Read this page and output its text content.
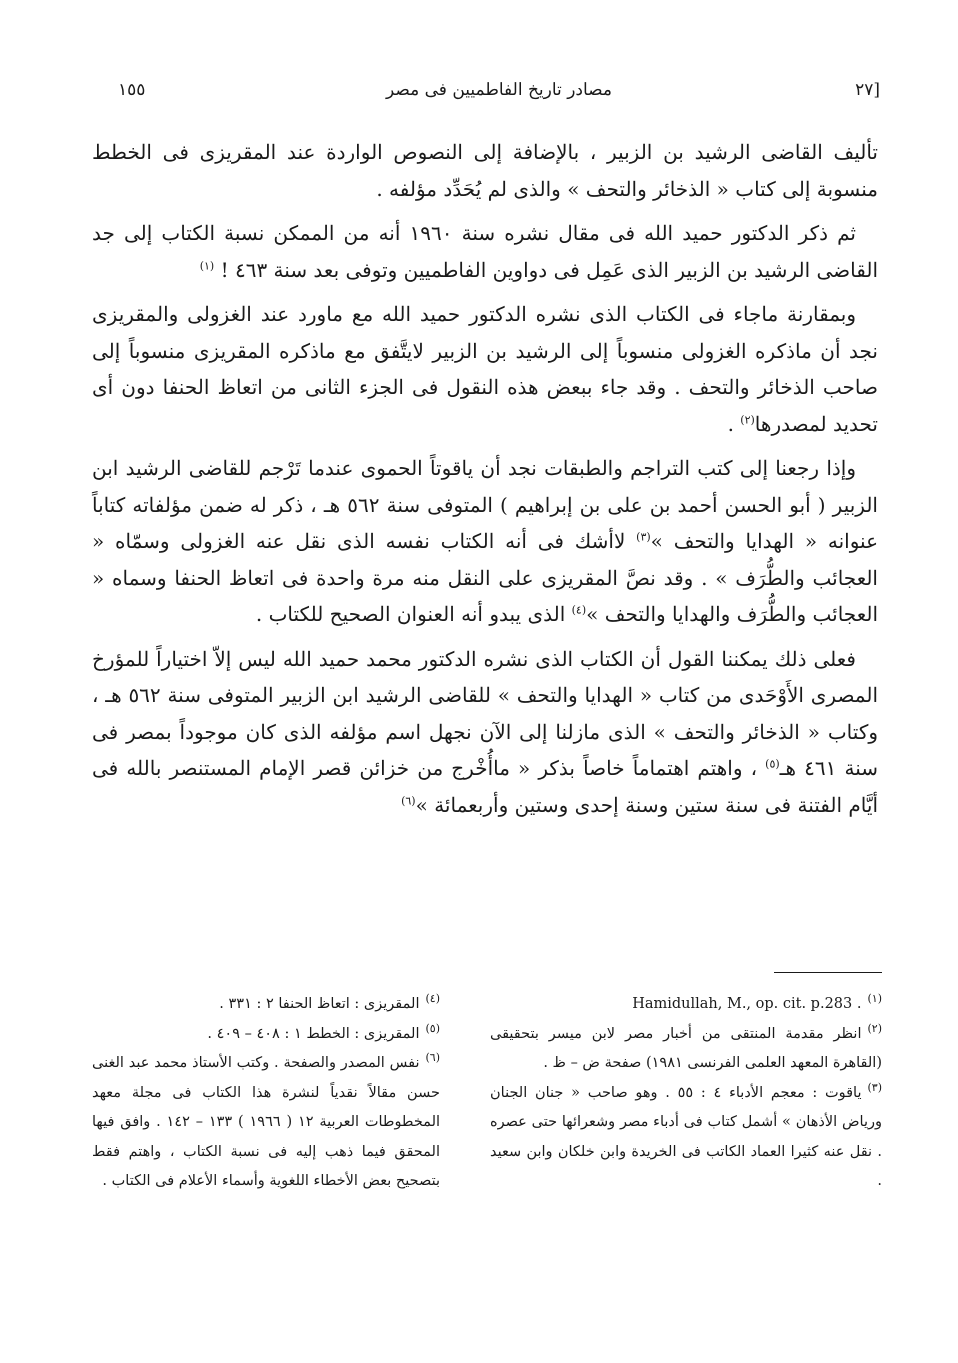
[٢٧
مصادر تاريخ الفاطميين فى مصر
١٥٥

تأليف القاضى الرشيد بن الزبير ، بالإضافة إلى النصوص الواردة عند المقريزى فى الخطط منسوبة إلى كتاب « الذخائر والتحف » والذى لم يُحَدِّد مؤلفه .

ثم ذكر الدكتور حميد الله فى مقال نشره سنة ١٩٦٠ أنه من الممكن نسبة الكتاب إلى جد القاضى الرشيد بن الزبير الذى عَمِل فى دواوين الفاطميين وتوفى بعد سنة ٤٦٣ ! $^{(١)}$

وبمقارنة ماجاء فى الكتاب الذى نشره الدكتور حميد الله مع ماورد عند الغزولى والمقريزى نجد أن ماذكره الغزولى منسوباً إلى الرشيد بن الزبير لايتَّفق مع ماذكره المقريزى منسوباً إلى صاحب الذخائر والتحف . وقد جاء ببعض هذه النقول فى الجزء الثانى من اتعاظ الحنفا دون أى تحديد لمصدرها$^{(٢)}$ .

وإذا رجعنا إلى كتب التراجم والطبقات نجد أن ياقوتاً الحموى عندما تَرْجم للقاضى الرشيد ابن الزبير ( أبو الحسن أحمد بن على بن إبراهيم ) المتوفى سنة ٥٦٢ هـ ، ذكر له ضمن مؤلفاته كتاباً عنوانه « الهدايا والتحف »$^{(٣)}$ لاأشك فى أنه الكتاب نفسه الذى نقل عنه الغزولى وسمّاه « العجائب والطُّرَف » . وقد نصَّ المقريزى على النقل منه مرة واحدة فى اتعاظ الحنفا وسماه « العجائب والطُّرَف والهدايا والتحف »$^{(٤)}$ الذى يبدو أنه العنوان الصحيح للكتاب .

فعلى ذلك يمكننا القول أن الكتاب الذى نشره الدكتور محمد حميد الله ليس إلاّ اختياراً للمؤرخ المصرى الأَوْحَدى من كتاب « الهدايا والتحف » للقاضى الرشيد ابن الزبير المتوفى سنة ٥٦٢ هـ ، وكتاب « الذخائر والتحف » الذى مازلنا إلى الآن نجهل اسم مؤلفه الذى كان موجوداً بمصر فى سنة ٤٦١ هـ$^{(٥)}$ ، واهتم اهتماماً خاصاً بذكر « ماأُخْرج من خزائن قصر الإمام المستنصر بالله فى أيَّام الفتنة فى سنة ستين وسنة إحدى وستين وأربعمائة »$^{(٦)}$

$^{(١)}$Hamidullah, M., op. cit. p.283 .

$^{(٢)}$انظر مقدمة المنتقى من أخبار مصر لابن ميسر بتحقيقى (القاهرة المعهد العلمى الفرنسى ١٩٨١) صفحة ض – ظ .

$^{(٣)}$ياقوت : معجم الأدباء ٤ : ٥٥ . وهو صاحب « جنان الجنان ورياض الأذهان » أشمل كتاب فى أدباء مصر وشعرائها حتى عصره . نقل عنه كثيرا العماد الكاتب فى الخريدة وابن خلكان وابن سعيد .

$^{(٤)}$المقريزى : اتعاظ الحنفا ٢ : ٣٣١ .

$^{(٥)}$المقريزى : الخطط ١ : ٤٠٨ – ٤٠٩ .

$^{(٦)}$نفس المصدر والصفحة . وكتب الأستاذ محمد عبد الغنى حسن مقالاً نقدياً لنشرة هذا الكتاب فى مجلة معهد المخطوطات العربية ١٢ ( ١٩٦٦ ) ١٣٣ – ١٤٢ . وافق فيها المحقق فيما ذهب إليه فى نسبة الكتاب ، واهتم فقط بتصحيح بعض الأخطاء اللغوية وأسماء الأعلام فى الكتاب .
